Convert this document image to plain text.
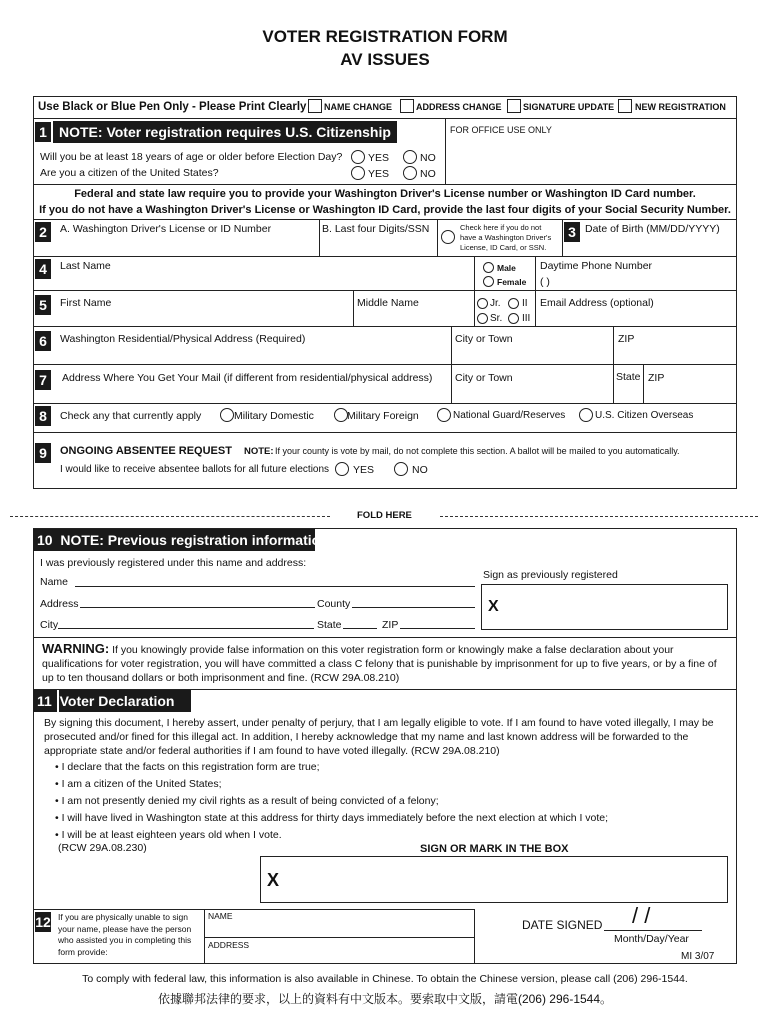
VOTER REGISTRATION FORM
AV ISSUES
Use Black or Blue Pen Only - Please Print Clearly NAME CHANGE	ADDRESS CHANGE SIGNATURE UPDATE NEW REGISTRATION
1 NOTE: Voter registration requires U.S. Citizenship	FOR OFFICE USE ONLY
Will you be at least 18 years of age or older before Election Day? YES	NO
Are you a citizen of the United States?	YES	NO
Federal and state law require you to provide your Washington Driver's License number or Washington ID Card number.
If you do not have a Washington Driver's License or Washington ID Card, provide the last four digits of your Social Security Number.
2	A. Washington Driver's License or ID Number	B. Last four Digits/SSN	Check here if you do not
have a Washington Driver's
License, ID Card, or SSN.
3 Date of Birth (MM/DD/YYYY)
4	Last Name	Male
Female
Daytime Phone Number
( )
5	First Name	Middle Name	Jr. II
Sr. III
Email Address (optional)
6	Washington Residential/Physical Address (Required)	City or Town	ZIP
7	Address Where You Get Your Mail (if different from residential/physical address) City or Town	State ZIP
8	Check any that currently apply	Military Domestic	Military Foreign	National Guard/Reserves	U.S. Citizen Overseas
9	ONGOING ABSENTEE REQUEST NOTE: If your county is vote by mail, do not complete this section. A ballot will be mailed to you automatically.
I would like to receive absentee ballots for all future elections YES	NO
FOLD HERE
10 NOTE: Previous registration information
I was previously registered under this name and address:
Name
Sign as previously registered
X
Address	County
City	State	ZIP
WARNING: If you knowingly provide false information on this voter registration form or knowingly make a false declaration about your qualifications for voter registration, you will have committed a class C felony that is punishable by imprisonment for up to five years, or by a fine of up to ten thousand dollars or both imprisonment and fine. (RCW 29A.08.210)
11 Voter Declaration
By signing this document, I hereby assert, under penalty of perjury, that I am legally eligible to vote. If I am found to have voted illegally, I may be prosecuted and/or fined for this illegal act. In addition, I hereby acknowledge that my name and last known address will be forwarded to the appropriate state and/or federal authorities if I am found to have voted illegally. (RCW 29A.08.210)
• I declare that the facts on this registration form are true;
• I am a citizen of the United States;
• I am not presently denied my civil rights as a result of being convicted of a felony;
• I will have lived in Washington state at this address for thirty days immediately before the next election at which I vote;
• I will be at least eighteen years old when I vote.
(RCW 29A.08.230)	SIGN OR MARK IN THE BOX
X
12 If you are physically unable to sign your name, please have the person who assisted you in completing this form provide:
NAME
ADDRESS
DATE SIGNED / /
Month/Day/Year
MI 3/07
To comply with federal law, this information is also available in Chinese. To obtain the Chinese version, please call (206) 296-1544.
依據聯邦法律的要求，以上的資料有中文版本。要索取中文版，請電(206) 296-1544。
